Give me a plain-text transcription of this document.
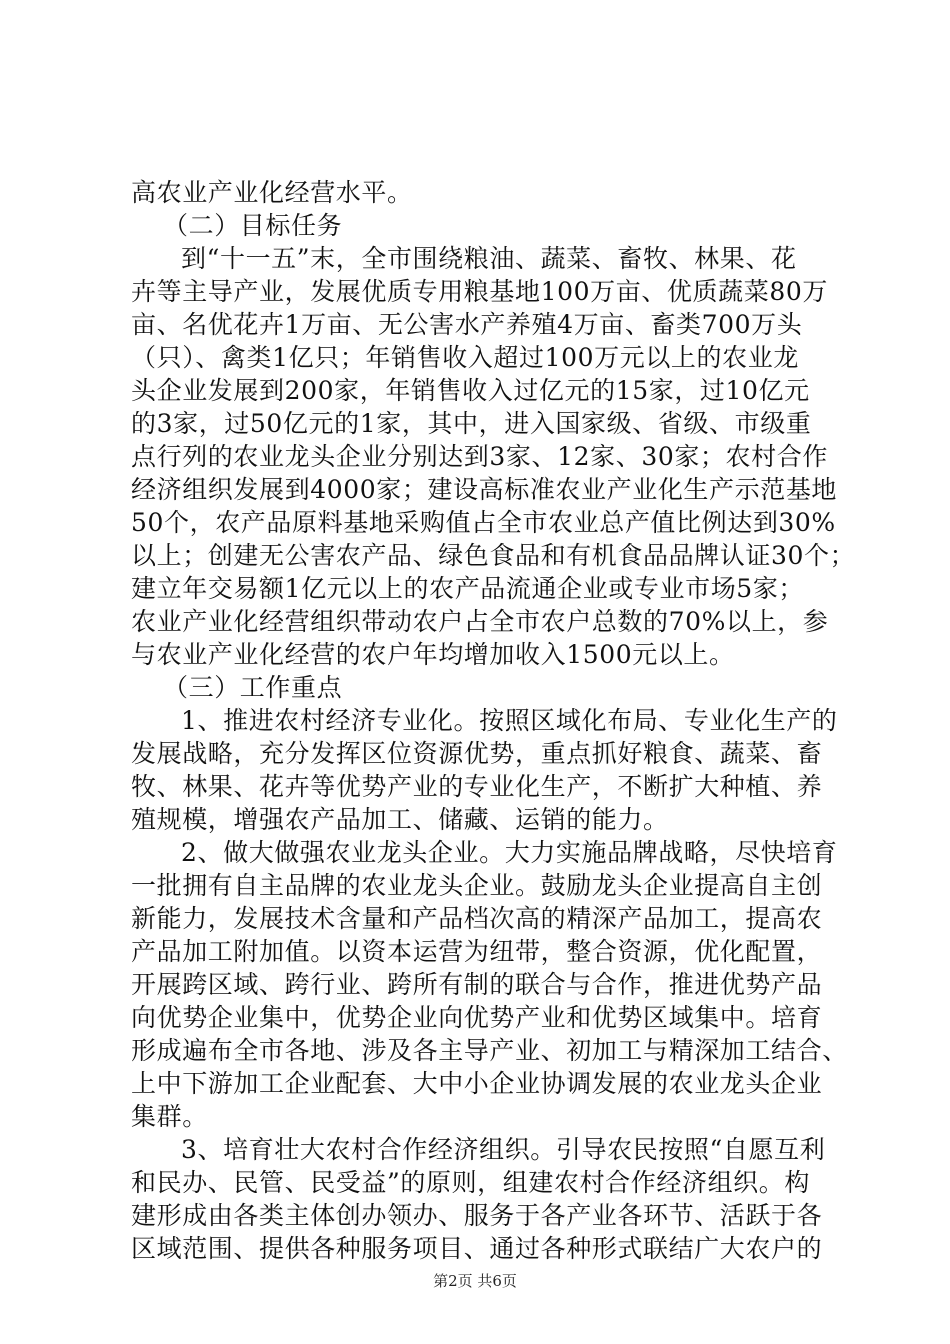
高农业产业化经营水平。
（二）目标任务
到“十一五”末，全市围绕粮油、蔬菜、畜牧、林果、花
卉等主导产业，发展优质专用粮基地100万亩、优质蔬菜80万
亩、名优花卉1万亩、无公害水产养殖4万亩、畜类700万头
（只）、禽类1亿只；年销售收入超过100万元以上的农业龙
头企业发展到200家，年销售收入过亿元的15家，过10亿元
的3家，过50亿元的1家，其中，进入国家级、省级、市级重
点行列的农业龙头企业分别达到3家、12家、30家；农村合作
经济组织发展到4000家；建设高标准农业产业化生产示范基地
50个，农产品原料基地采购值占全市农业总产值比例达到30%
以上；创建无公害农产品、绿色食品和有机食品品牌认证30个；
建立年交易额1亿元以上的农产品流通企业或专业市场5家；
农业产业化经营组织带动农户占全市农户总数的70%以上，参
与农业产业化经营的农户年均增加收入1500元以上。
（三）工作重点
1、推进农村经济专业化。按照区域化布局、专业化生产的
发展战略，充分发挥区位资源优势，重点抓好粮食、蔬菜、畜
牧、林果、花卉等优势产业的专业化生产，不断扩大种植、养
殖规模，增强农产品加工、储藏、运销的能力。
2、做大做强农业龙头企业。大力实施品牌战略，尽快培育
一批拥有自主品牌的农业龙头企业。鼓励龙头企业提高自主创
新能力，发展技术含量和产品档次高的精深产品加工，提高农
产品加工附加值。以资本运营为纽带，整合资源，优化配置，
开展跨区域、跨行业、跨所有制的联合与合作，推进优势产品
向优势企业集中，优势企业向优势产业和优势区域集中。培育
形成遍布全市各地、涉及各主导产业、初加工与精深加工结合、
上中下游加工企业配套、大中小企业协调发展的农业龙头企业
集群。
3、培育壮大农村合作经济组织。引导农民按照“自愿互利
和民办、民管、民受益”的原则，组建农村合作经济组织。构
建形成由各类主体创办领办、服务于各产业各环节、活跃于各
区域范围、提供各种服务项目、通过各种形式联结广大农户的
第2页 共6页
